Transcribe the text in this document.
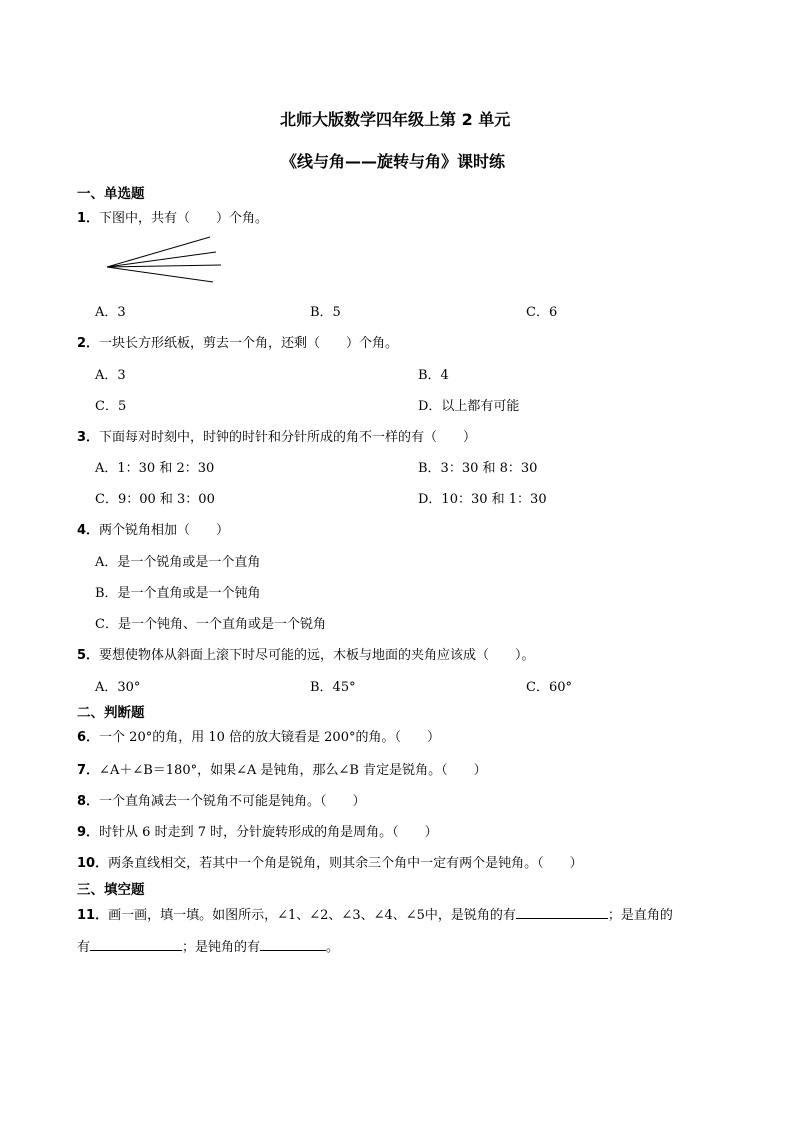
北师大版数学四年级上第 2 单元
《线与角——旋转与角》课时练
一、单选题
1．下图中，共有（　　）个角。
A．3	B．5	C．6
2．一块长方形纸板，剪去一个角，还剩（　　）个角。
A．3	B．4
C．5	D．以上都有可能
3．下面每对时刻中，时钟的时针和分针所成的角不一样的有（　　）
A．1：30 和 2：30	B．3：30 和 8：30
C．9：00 和 3：00	D．10：30 和 1：30
4．两个锐角相加（　　）
A．是一个锐角或是一个直角
B．是一个直角或是一个钝角
C．是一个钝角、一个直角或是一个锐角
5．要想使物体从斜面上滚下时尽可能的远，木板与地面的夹角应该成（　　）。
A．30°	B．45°	C．60°
二、判断题
6．一个 20°的角，用 10 倍的放大镜看是 200°的角。（　　）
7．∠A＋∠B＝180°，如果∠A 是钝角，那么∠B 肯定是锐角。（　　）
8．一个直角减去一个锐角不可能是钝角。（　　）
9．时针从 6 时走到 7 时，分针旋转形成的角是周角。（　　）
10．两条直线相交，若其中一个角是锐角，则其余三个角中一定有两个是钝角。（　　）
三、填空题
11．画一画，填一填。如图所示，∠1、∠2、∠3、∠4、∠5中，是锐角的有	；是直角的
有	；是钝角的有	。
